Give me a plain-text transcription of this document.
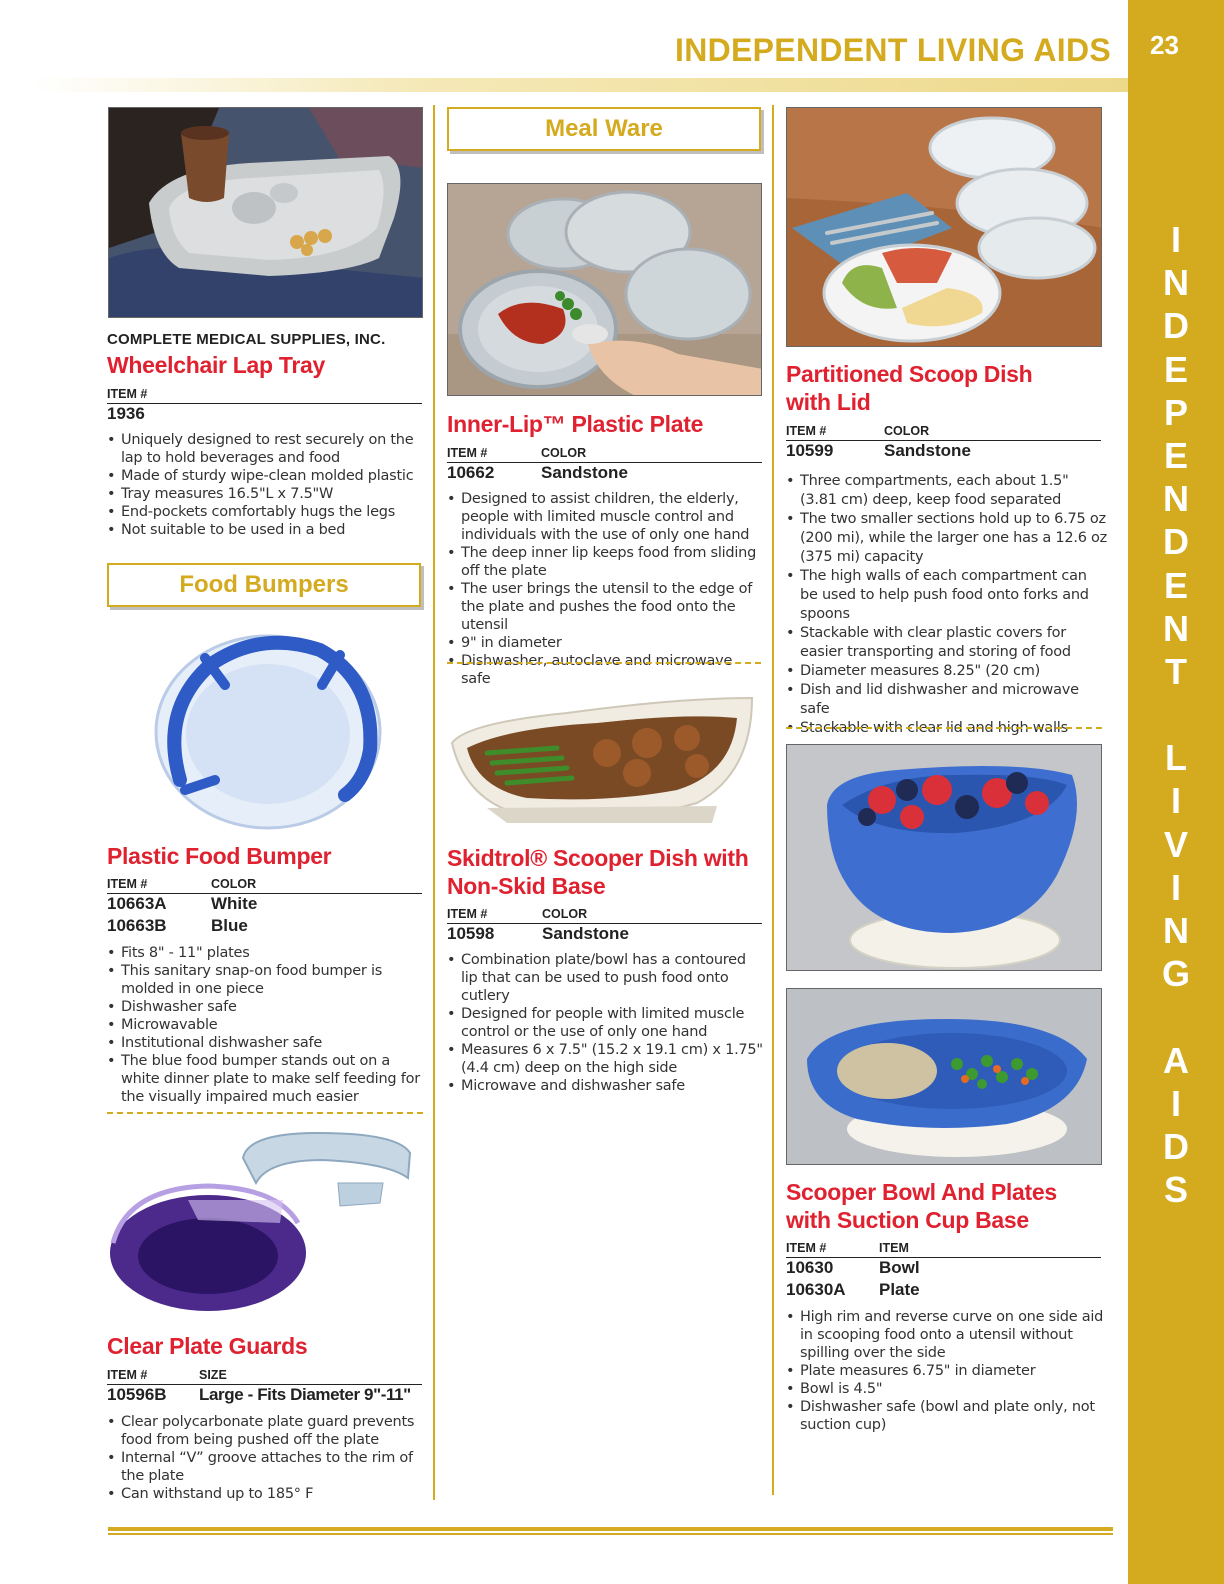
23
I
N
D
E
P
E
N
D
E
N
T
L
I
V
I
N
G
A
I
D
S
INDEPENDENT LIVING AIDS
COMPLETE MEDICAL SUPPLIES, INC.
Wheelchair Lap Tray
ITEM #
1936
• Uniquely designed to rest securely on the lap to hold beverages and food
• Made of sturdy wipe-clean molded plastic
• Tray measures 16.5"L x 7.5"W
• End-pockets comfortably hugs the legs
• Not suitable to be used in a bed
Food Bumpers
Plastic Food Bumper
ITEM #	COLOR
10663A	White
10663B	Blue
• Fits 8" - 11" plates
• This sanitary snap-on food bumper is molded in one piece
• Dishwasher safe
• Microwavable
• Institutional dishwasher safe
• The blue food bumper stands out on a white dinner plate to make self feeding for the visually impaired much easier
Clear Plate Guards
ITEM #	SIZE
10596B Large - Fits Diameter 9"-11"
• Clear polycarbonate plate guard prevents food from being pushed off the plate
• Internal “V” groove attaches to the rim of the plate
• Can withstand up to 185° F
Meal Ware
Inner-Lip™ Plastic Plate
ITEM #	COLOR
10662	Sandstone
• Designed to assist children, the elderly, people with limited muscle control and individuals with the use of only one hand
• The deep inner lip keeps food from sliding off the plate
• The user brings the utensil to the edge of the plate and pushes the food onto the utensil
• 9" in diameter
• Dishwasher, autoclave and microwave safe
Skidtrol® Scooper Dish with
Non-Skid Base
ITEM #	COLOR
10598	Sandstone
• Combination plate/bowl has a contoured lip that can be used to push food onto cutlery
• Designed for people with limited muscle control or the use of only one hand
• Measures 6 x 7.5" (15.2 x 19.1 cm) x 1.75" (4.4 cm) deep on the high side
• Microwave and dishwasher safe
Partitioned Scoop Dish
with Lid
ITEM #	COLOR
10599	Sandstone
• Three compartments, each about 1.5" (3.81 cm) deep, keep food separated
• The two smaller sections hold up to 6.75 oz (200 mi), while the larger one has a 12.6 oz (375 mi) capacity
• The high walls of each compartment can be used to help push food onto forks and spoons
• Stackable with clear plastic covers for easier transporting and storing of food
• Diameter measures 8.25" (20 cm)
• Dish and lid dishwasher and microwave safe
• Stackable with clear lid and high walls
Scooper Bowl And Plates
with Suction Cup Base
ITEM #	ITEM
10630	Bowl
10630A Plate
• High rim and reverse curve on one side aid in scooping food onto a utensil without spilling over the side
• Plate measures 6.75" in diameter
• Bowl is 4.5"
• Dishwasher safe (bowl and plate only, not suction cup)
